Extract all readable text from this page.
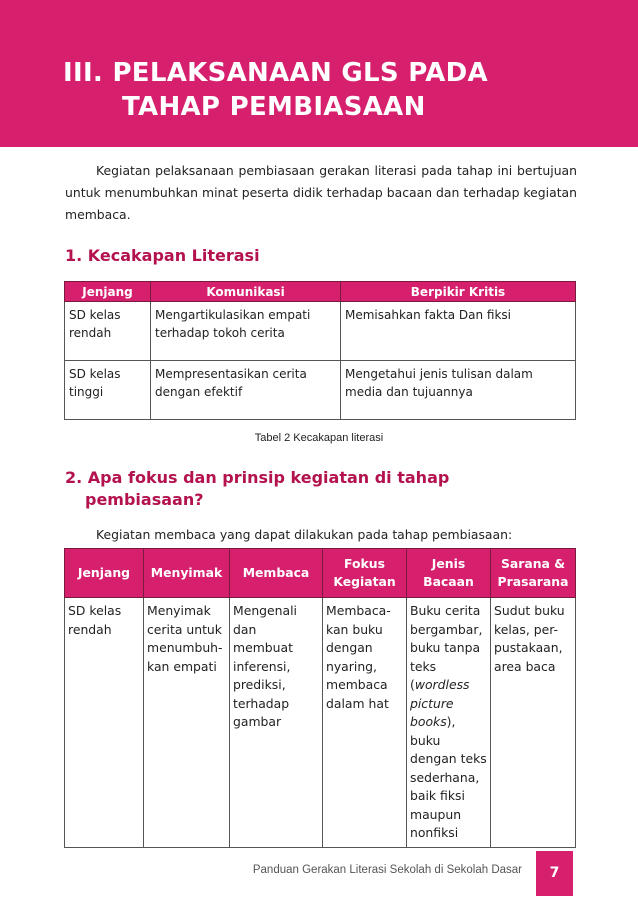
III. PELAKSANAAN GLS PADA
TAHAP PEMBIASAAN

Kegiatan pelaksanaan pembiasaan gerakan literasi pada tahap ini bertujuan untuk menumbuhkan minat peserta didik terhadap bacaan dan terhadap kegiatan membaca.

1. Kecakapan Literasi
Jenjang	Komunikasi	Berpikir Kritis
SD kelas rendah	Mengartikulasikan empati terhadap tokoh cerita	Memisahkan fakta Dan fiksi
SD kelas tinggi	Mempresentasikan cerita dengan efektif	Mengetahui jenis tulisan dalam media dan tujuannya
Tabel 2 Kecakapan literasi
2. Apa fokus dan prinsip kegiatan di tahap
pembiasaan?

Kegiatan membaca yang dapat dilakukan pada tahap pembiasaan:

Jenjang	Menyimak	Membaca	Fokus Kegiatan	Jenis Bacaan	Sarana & Prasarana
SD kelas rendah	Menyimak cerita untuk menumbuh-kan empati	Mengenali dan membuat inferensi, prediksi, terhadap gambar	Membaca-kan buku dengan nyaring, membaca dalam hat	Buku cerita bergambar, buku tanpa teks (wordless picture books), buku dengan teks sederhana, baik fiksi maupun nonfiksi	Sudut buku kelas, per-pustakaan, area baca
Panduan Gerakan Literasi Sekolah di Sekolah Dasar	7
